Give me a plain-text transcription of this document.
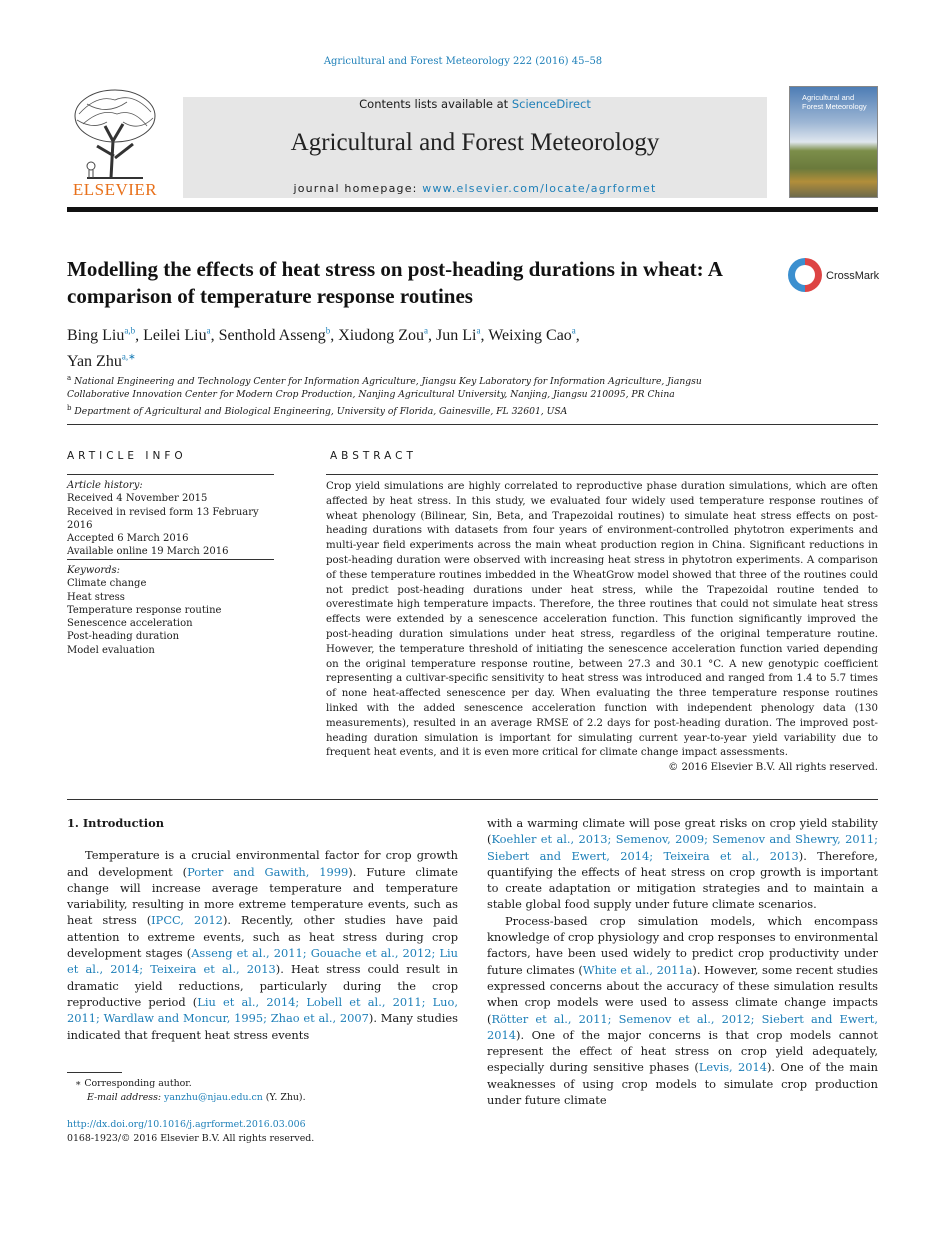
Agricultural and Forest Meteorology 222 (2016) 45–58
ELSEVIER
Contents lists available at ScienceDirect
Agricultural and Forest Meteorology
journal homepage: www.elsevier.com/locate/agrformet
Agricultural and Forest Meteorology
Modelling the effects of heat stress on post-heading durations in wheat: A comparison of temperature response routines
CrossMark
Bing Liu$^{a,b}$, Leilei Liu$^a$, Senthold Asseng$^b$, Xiudong Zou$^a$, Jun Li$^a$, Weixing Cao$^a$,
Yan Zhu$^{a,∗}$
$^a$ National Engineering and Technology Center for Information Agriculture, Jiangsu Key Laboratory for Information Agriculture, Jiangsu Collaborative Innovation Center for Modern Crop Production, Nanjing Agricultural University, Nanjing, Jiangsu 210095, PR China
$^b$ Department of Agricultural and Biological Engineering, University of Florida, Gainesville, FL 32601, USA
ARTICLE INFO	ABSTRACT
Article history:
Received 4 November 2015
Received in revised form 13 February 2016
Accepted 6 March 2016
Available online 19 March 2016
Keywords:
Climate change
Heat stress
Temperature response routine
Senescence acceleration
Post-heading duration
Model evaluation

Crop yield simulations are highly correlated to reproductive phase duration simulations, which are often affected by heat stress. In this study, we evaluated four widely used temperature response routines of wheat phenology (Bilinear, Sin, Beta, and Trapezoidal routines) to simulate heat stress effects on post-heading durations with datasets from four years of environment-controlled phytotron experiments and multi-year field experiments across the main wheat production region in China. Significant reductions in post-heading duration were observed with increasing heat stress in phytotron experiments. A comparison of these temperature routines imbedded in the WheatGrow model showed that three of the routines could not predict post-heading durations under heat stress, while the Trapezoidal routine tended to overestimate high temperature impacts. Therefore, the three routines that could not simulate heat stress effects were extended by a senescence acceleration function. This function significantly improved the post-heading duration simulations under heat stress, regardless of the original temperature routine. However, the temperature threshold of initiating the senescence acceleration function varied depending on the original temperature response routine, between 27.3 and 30.1 °C. A new genotypic coefficient representing a cultivar-specific sensitivity to heat stress was introduced and ranged from 1.4 to 5.7 times of none heat-affected senescence per day. When evaluating the three temperature response routines linked with the added senescence acceleration function with independent phenology data (130 measurements), resulted in an average RMSE of 2.2 days for post-heading duration. The improved post-heading duration simulation is important for simulating current year-to-year yield variability due to frequent heat events, and it is even more critical for climate change impact assessments.

© 2016 Elsevier B.V. All rights reserved.
1. Introduction

Temperature is a crucial environmental factor for crop growth and development (Porter and Gawith, 1999). Future climate change will increase average temperature and temperature variability, resulting in more extreme temperature events, such as heat stress (IPCC, 2012). Recently, other studies have paid attention to extreme events, such as heat stress during crop development stages (Asseng et al., 2011; Gouache et al., 2012; Liu et al., 2014; Teixeira et al., 2013). Heat stress could result in dramatic yield reductions, particularly during the crop reproductive period (Liu et al., 2014; Lobell et al., 2011; Luo, 2011; Wardlaw and Moncur, 1995; Zhao et al., 2007). Many studies indicated that frequent heat stress events

with a warming climate will pose great risks on crop yield stability (Koehler et al., 2013; Semenov, 2009; Semenov and Shewry, 2011; Siebert and Ewert, 2014; Teixeira et al., 2013). Therefore, quantifying the effects of heat stress on crop growth is important to create adaptation or mitigation strategies and to maintain a stable global food supply under future climate scenarios.

Process-based crop simulation models, which encompass knowledge of crop physiology and crop responses to environmental factors, have been used widely to predict crop productivity under future climates (White et al., 2011a). However, some recent studies expressed concerns about the accuracy of these simulation results when crop models were used to assess climate change impacts (Rötter et al., 2011; Semenov et al., 2012; Siebert and Ewert, 2014). One of the major concerns is that crop models cannot represent the effect of heat stress on crop yield adequately, especially during sensitive phases (Levis, 2014). One of the main weaknesses of using crop models to simulate crop production under future climate

∗ Corresponding author.
E-mail address: yanzhu@njau.edu.cn (Y. Zhu).
http://dx.doi.org/10.1016/j.agrformet.2016.03.006
0168-1923/© 2016 Elsevier B.V. All rights reserved.
